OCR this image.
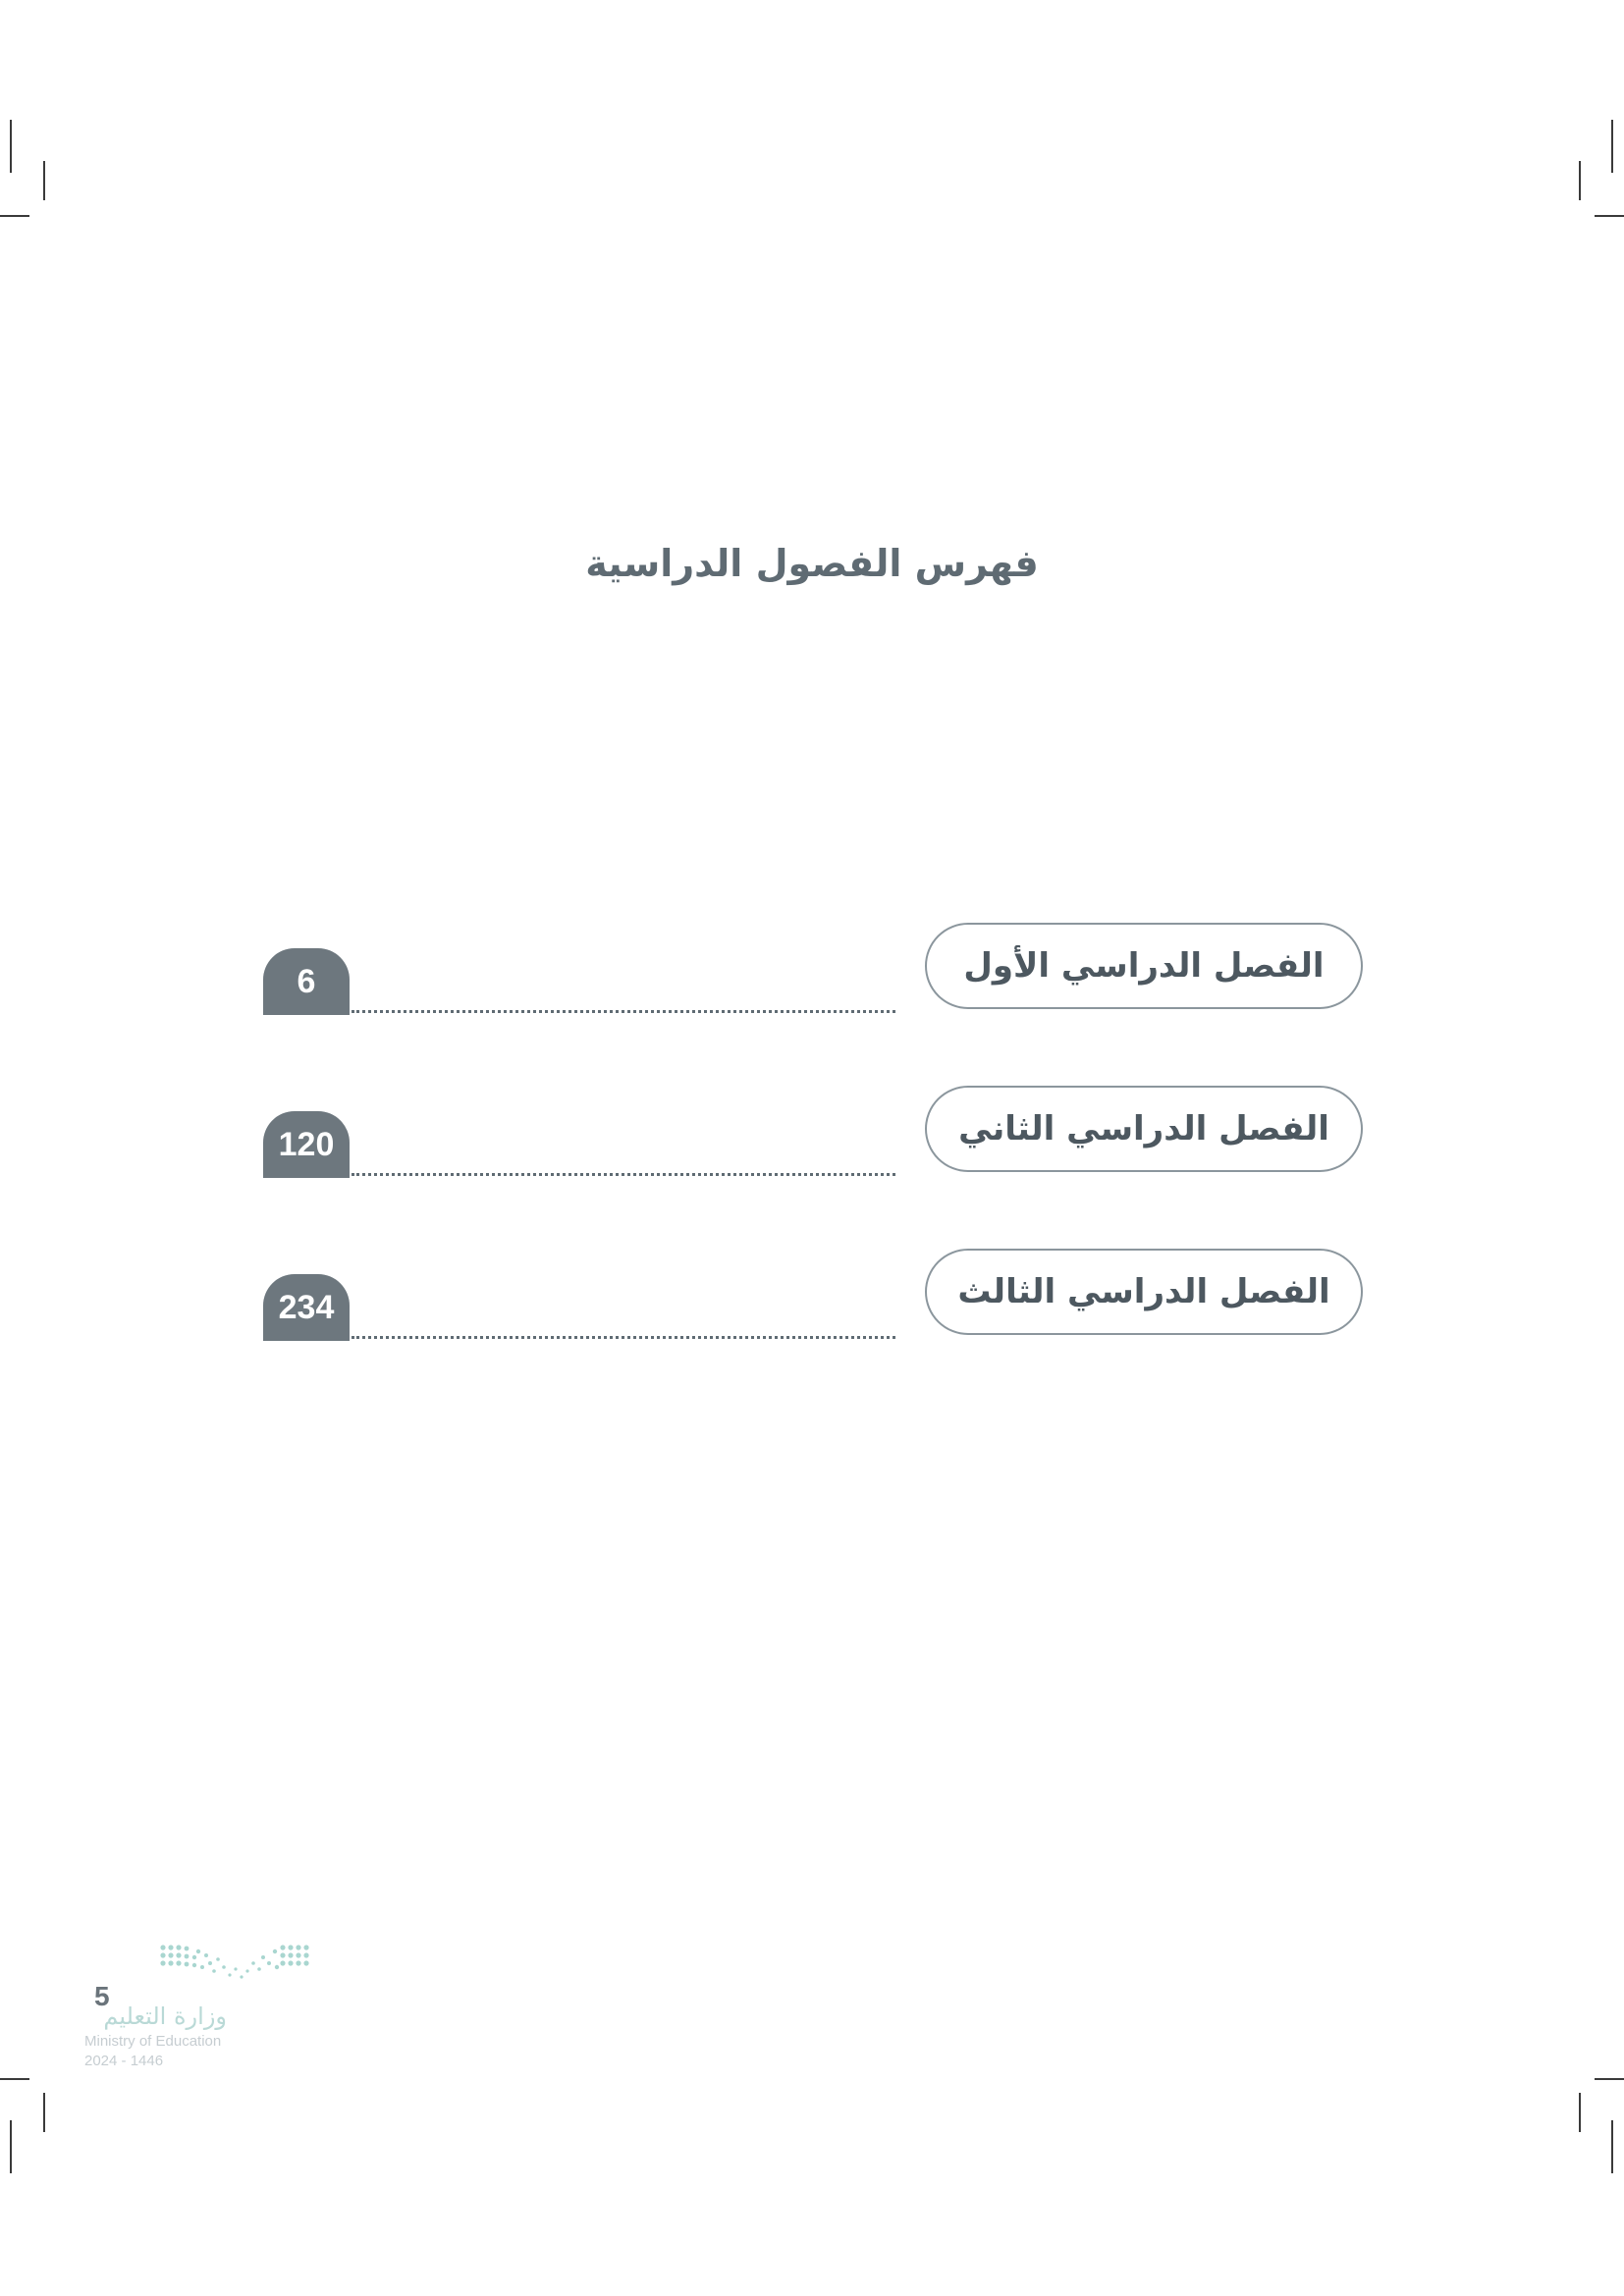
فهرس الفصول الدراسية
الفصل الدراسي الأول
6
الفصل الدراسي الثاني
120
الفصل الدراسي الثالث
234
5
وزارة التعليم
Ministry of Education
2024 - 1446
